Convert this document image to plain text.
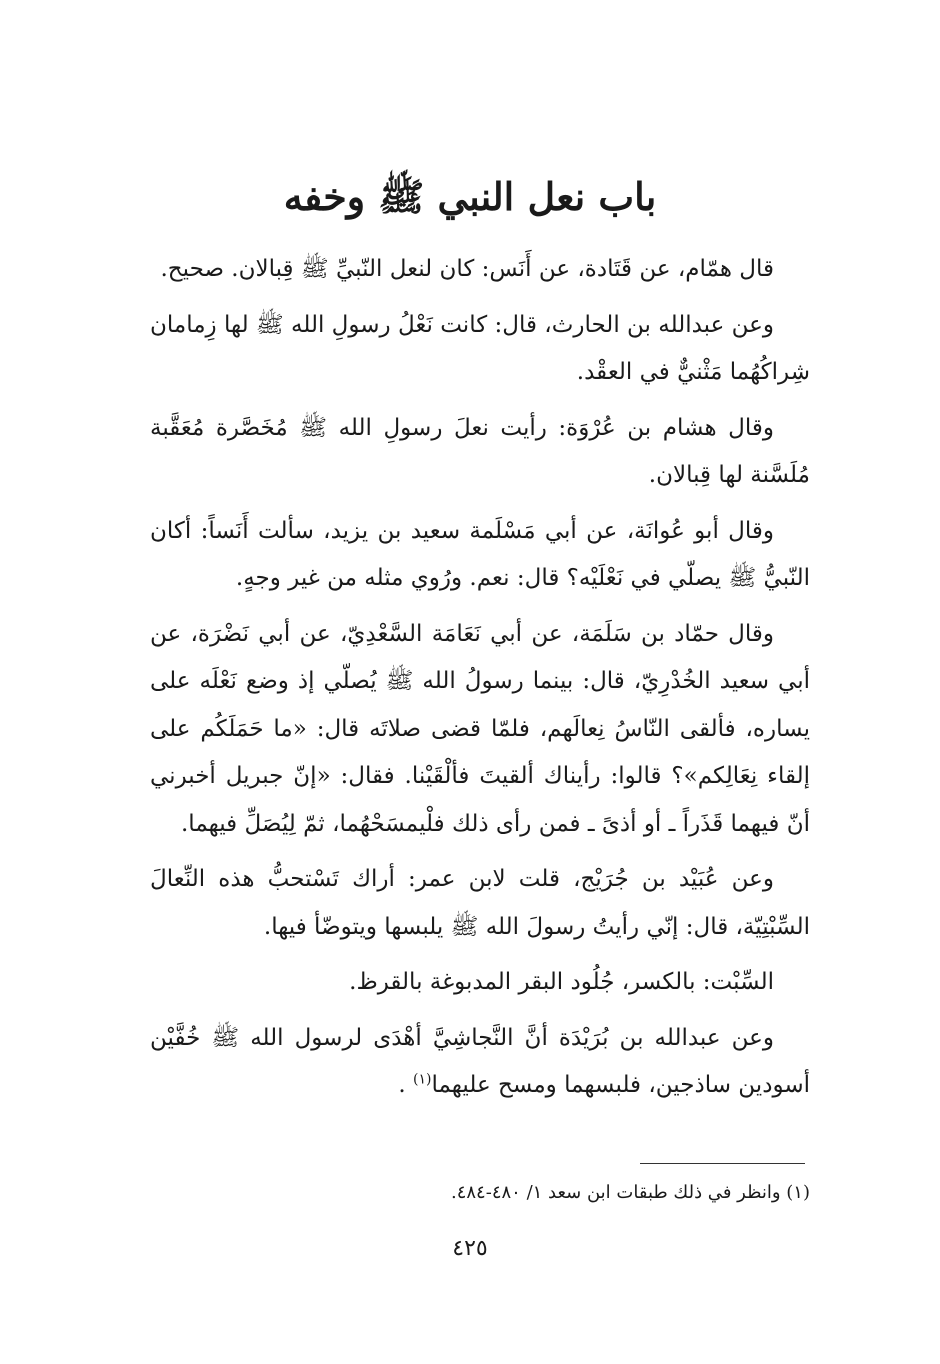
باب نعل النبي ﷺ وخفه

قال همّام، عن قَتَادة، عن أَنَس: كان لنعل النّبيِّ ﷺ قِبالان. صحيح.

وعن عبدالله بن الحارث، قال: كانت نَعْلُ رسولِ الله ﷺ لها زِمامان شِراكُهُما مَثْنيٌّ في العقْد.

وقال هشام بن عُرْوَة: رأيت نعلَ رسولِ الله ﷺ مُخَصَّرة مُعَقَّبة مُلَسَّنة لها قِبالان.

وقال أبو عُوانَة، عن أبي مَسْلَمة سعيد بن يزيد، سألت أَنَساً: أكان النّبيُّ ﷺ يصلّي في نَعْلَيْه؟ قال: نعم. ورُوي مثله من غير وجهٍ.

وقال حمّاد بن سَلَمَة، عن أبي نَعَامَة السَّعْدِيّ، عن أبي نَضْرَة، عن أبي سعيد الخُدْرِيّ، قال: بينما رسولُ الله ﷺ يُصلّي إذ وضع نَعْلَه على يساره، فألقى النّاسُ نِعالَهم، فلمّا قضى صلاتَه قال: «ما حَمَلَكُم على إلقاء نِعَالِكم»؟ قالوا: رأيناك ألقيتَ فألْقَيْنا. فقال: «إنّ جبريل أخبرني أنّ فيهما قَذَراً ـ أو أذىً ـ فمن رأى ذلك فلْيمسَحْهُما، ثمّ لِيُصَلِّ فيهما.

وعن عُبَيْد بن جُرَيْج، قلت لابن عمر: أراك تَسْتحبُّ هذه النِّعالَ السِّبْتِيّة، قال: إنّي رأيتُ رسولَ الله ﷺ يلبسها ويتوضّأ فيها.

السِّبْت: بالكسر، جُلُود البقر المدبوغة بالقرظ.

وعن عبدالله بن بُرَيْدَة أنَّ النَّجاشِيَّ أهْدَى لرسول الله ﷺ خُفَّيْن أسودين ساذجين، فلبسهما ومسح عليهما$^{(١)}$ .

(١) وانظر في ذلك طبقات ابن سعد ١/ ٤٨٠-٤٨٤.

٤٢٥
